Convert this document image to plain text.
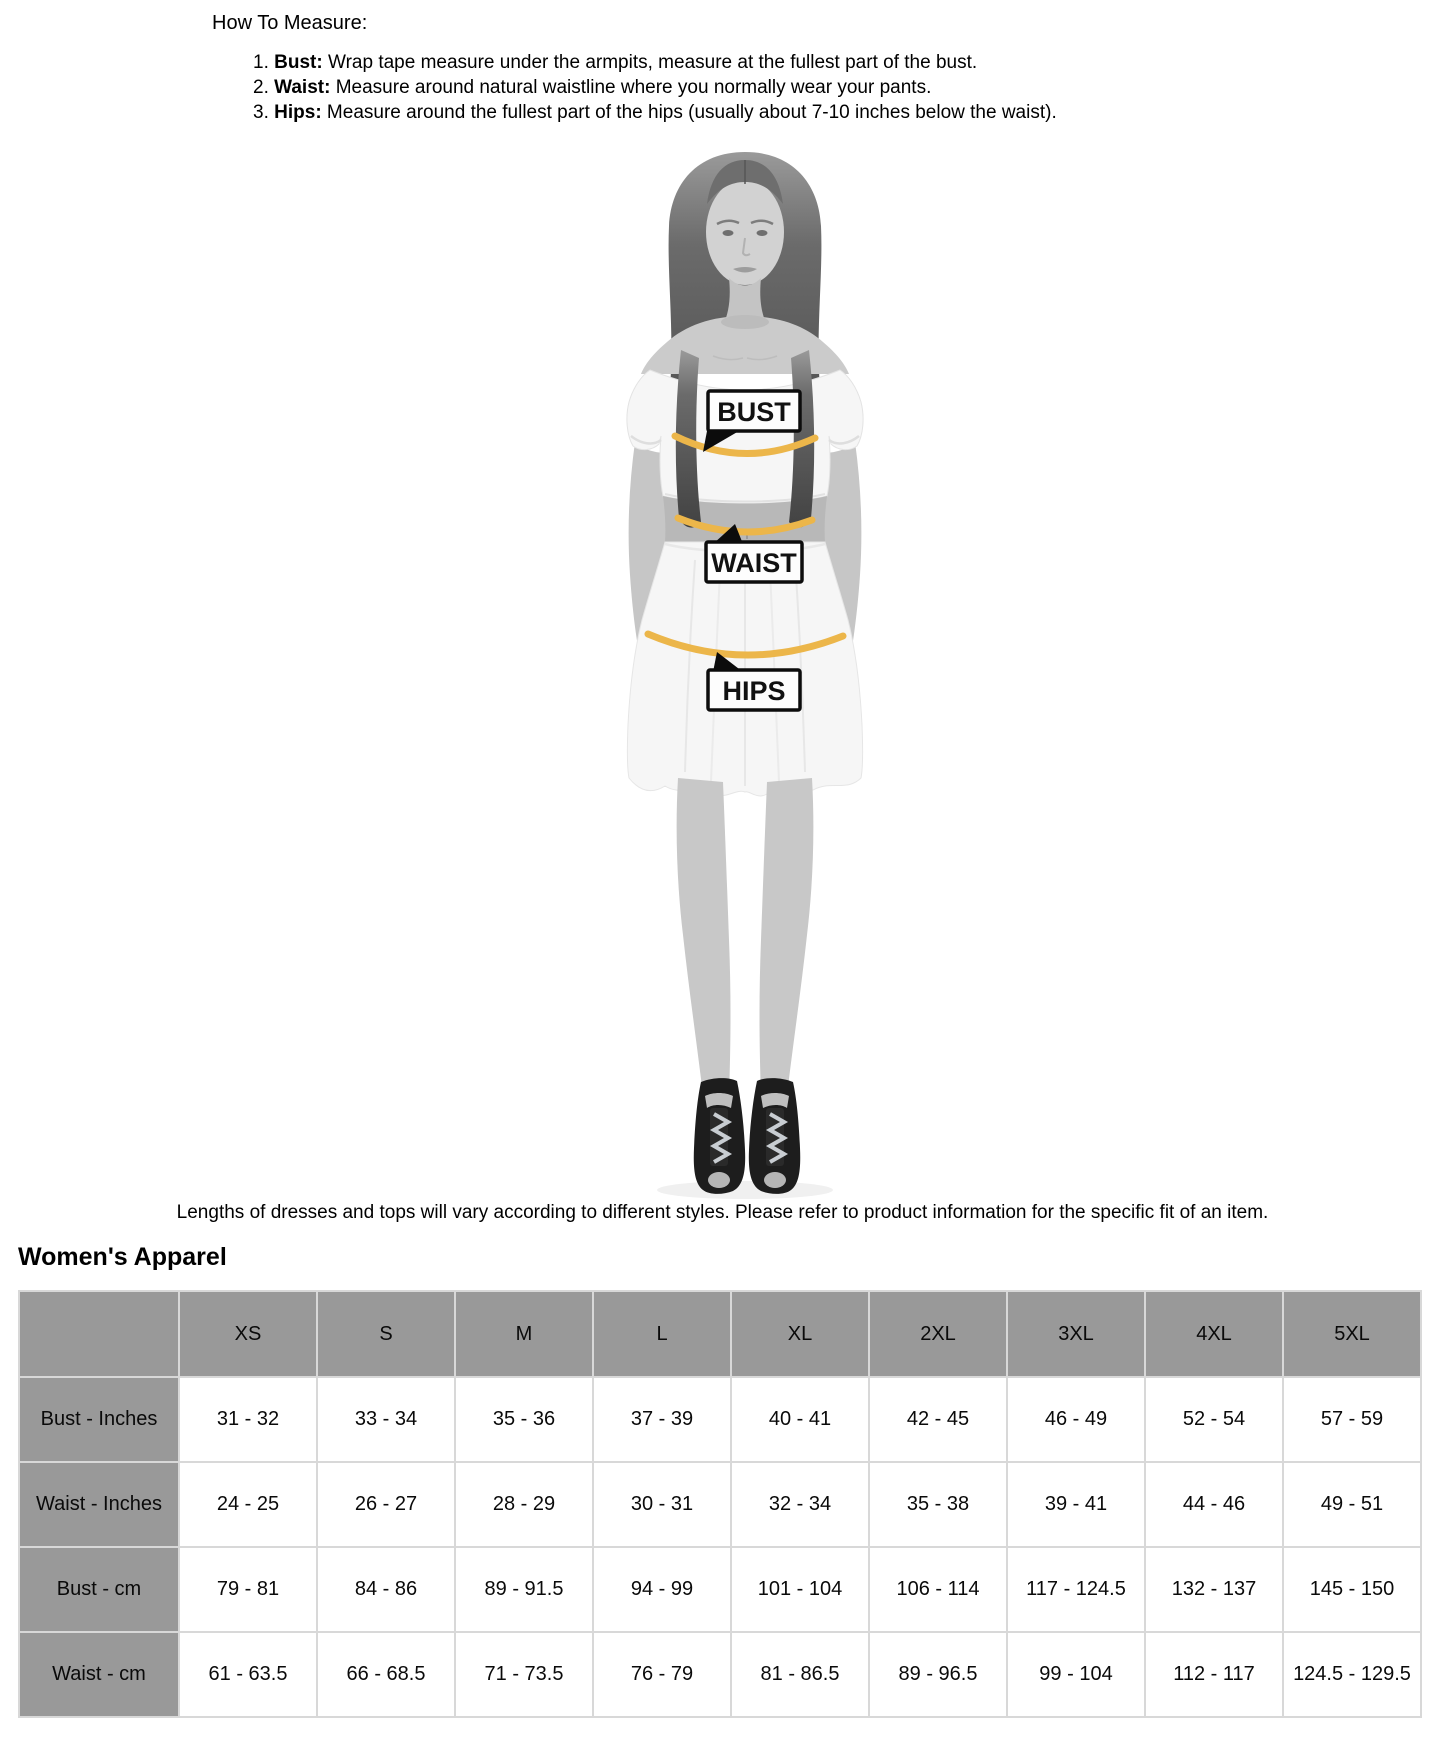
How To Measure:
1. Bust: Wrap tape measure under the armpits, measure at the fullest part of the bust.
2. Waist: Measure around natural waistline where you normally wear your pants.
3. Hips: Measure around the fullest part of the hips (usually about 7-10 inches below the waist).
BUST
WAIST
HIPS
Lengths of dresses and tops will vary according to different styles. Please refer to product information for the specific fit of an item.
Women's Apparel
	XS	S	M	L	XL	2XL	3XL	4XL	5XL
Bust - Inches	31 - 32	33 - 34	35 - 36	37 - 39	40 - 41	42 - 45	46 - 49	52 - 54	57 - 59
Waist - Inches	24 - 25	26 - 27	28 - 29	30 - 31	32 - 34	35 - 38	39 - 41	44 - 46	49 - 51
Bust - cm	79 - 81	84 - 86	89 - 91.5	94 - 99	101 - 104	106 - 114	117 - 124.5	132 - 137	145 - 150
Waist - cm	61 - 63.5	66 - 68.5	71 - 73.5	76 - 79	81 - 86.5	89 - 96.5	99 - 104	112 - 117	124.5 - 129.5
